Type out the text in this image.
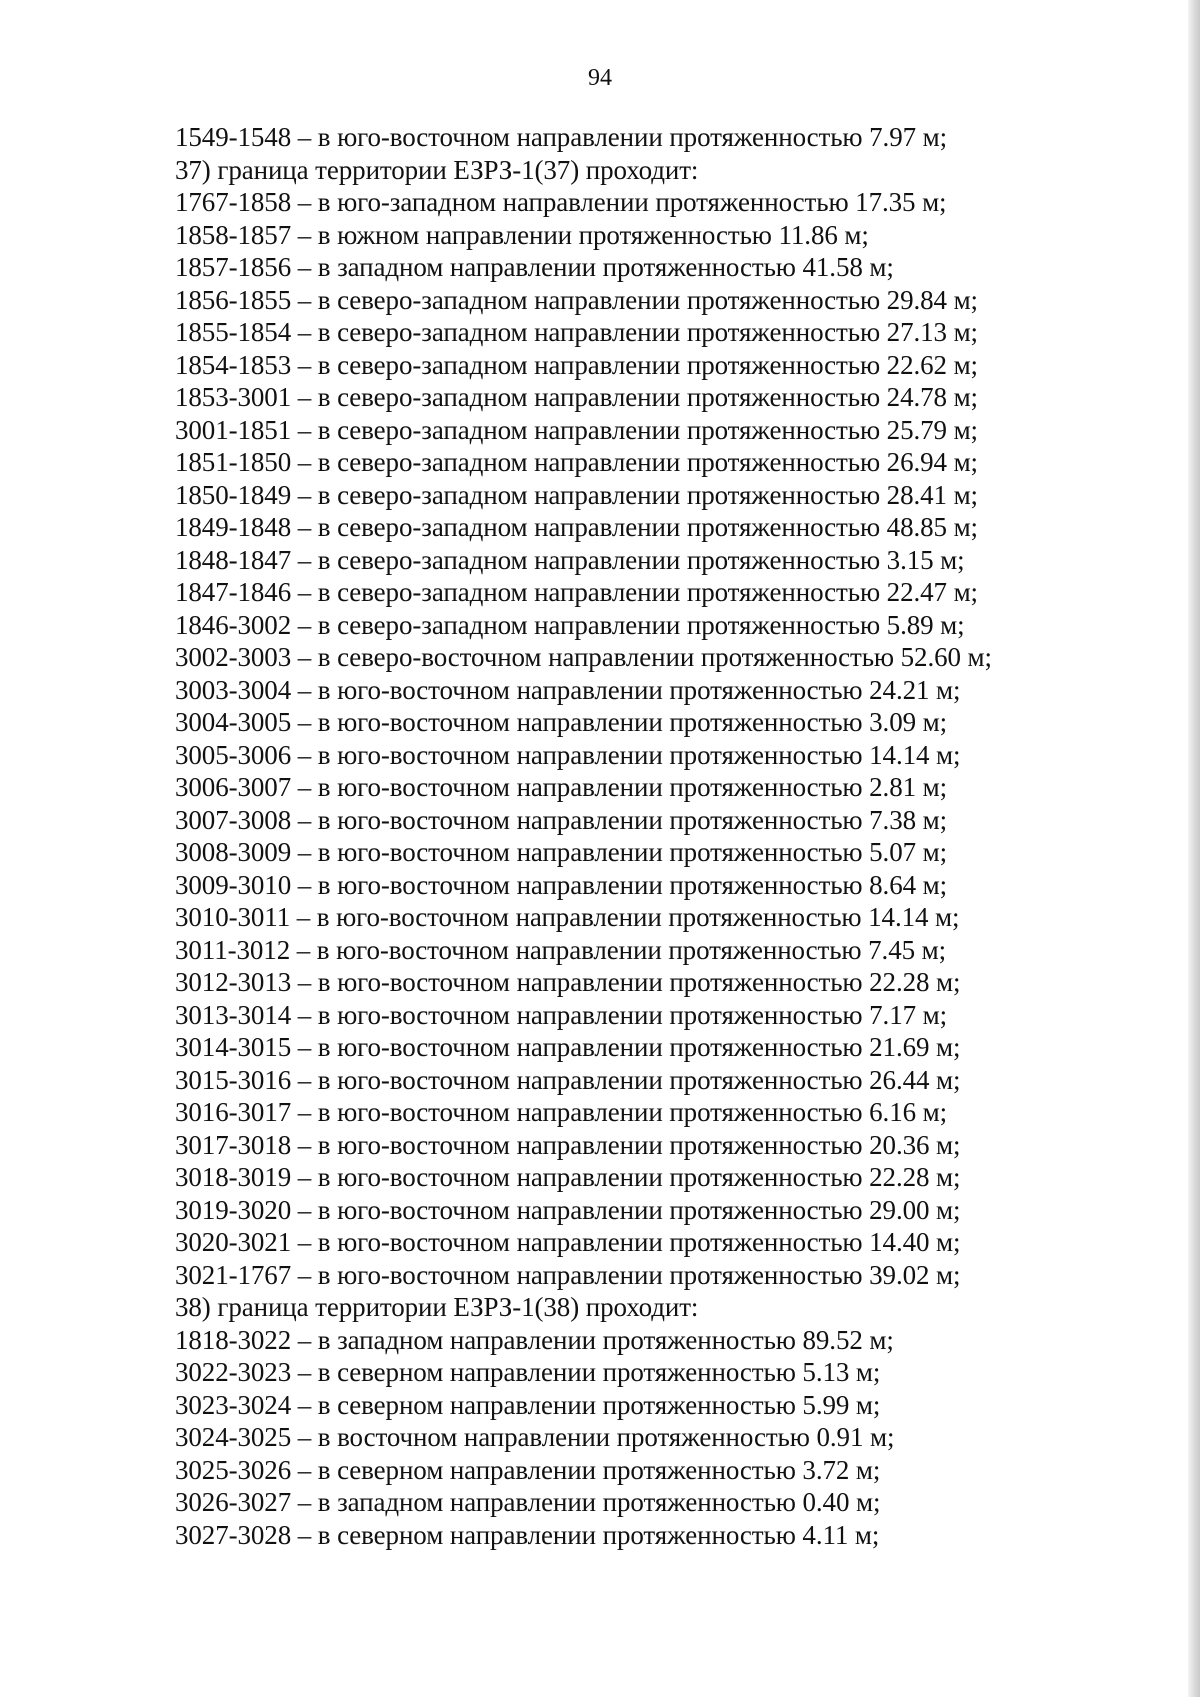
94
1549-1548 – в юго-восточном направлении протяженностью 7.97 м;
37) граница территории ЕЗРЗ-1(37) проходит:
1767-1858 – в юго-западном направлении протяженностью 17.35 м;
1858-1857 – в южном направлении протяженностью 11.86 м;
1857-1856 – в западном направлении протяженностью 41.58 м;
1856-1855 – в северо-западном направлении протяженностью 29.84 м;
1855-1854 – в северо-западном направлении протяженностью 27.13 м;
1854-1853 – в северо-западном направлении протяженностью 22.62 м;
1853-3001 – в северо-западном направлении протяженностью 24.78 м;
3001-1851 – в северо-западном направлении протяженностью 25.79 м;
1851-1850 – в северо-западном направлении протяженностью 26.94 м;
1850-1849 – в северо-западном направлении протяженностью 28.41 м;
1849-1848 – в северо-западном направлении протяженностью 48.85 м;
1848-1847 – в северо-западном направлении протяженностью 3.15 м;
1847-1846 – в северо-западном направлении протяженностью 22.47 м;
1846-3002 – в северо-западном направлении протяженностью 5.89 м;
3002-3003 – в северо-восточном направлении протяженностью 52.60 м;
3003-3004 – в юго-восточном направлении протяженностью 24.21 м;
3004-3005 – в юго-восточном направлении протяженностью 3.09 м;
3005-3006 – в юго-восточном направлении протяженностью 14.14 м;
3006-3007 – в юго-восточном направлении протяженностью 2.81 м;
3007-3008 – в юго-восточном направлении протяженностью 7.38 м;
3008-3009 – в юго-восточном направлении протяженностью 5.07 м;
3009-3010 – в юго-восточном направлении протяженностью 8.64 м;
3010-3011 – в юго-восточном направлении протяженностью 14.14 м;
3011-3012 – в юго-восточном направлении протяженностью 7.45 м;
3012-3013 – в юго-восточном направлении протяженностью 22.28 м;
3013-3014 – в юго-восточном направлении протяженностью 7.17 м;
3014-3015 – в юго-восточном направлении протяженностью 21.69 м;
3015-3016 – в юго-восточном направлении протяженностью 26.44 м;
3016-3017 – в юго-восточном направлении протяженностью 6.16 м;
3017-3018 – в юго-восточном направлении протяженностью 20.36 м;
3018-3019 – в юго-восточном направлении протяженностью 22.28 м;
3019-3020 – в юго-восточном направлении протяженностью 29.00 м;
3020-3021 – в юго-восточном направлении протяженностью 14.40 м;
3021-1767 – в юго-восточном направлении протяженностью 39.02 м;
38) граница территории ЕЗРЗ-1(38) проходит:
1818-3022 – в западном направлении протяженностью 89.52 м;
3022-3023 – в северном направлении протяженностью 5.13 м;
3023-3024 – в северном направлении протяженностью 5.99 м;
3024-3025 – в восточном направлении протяженностью 0.91 м;
3025-3026 – в северном направлении протяженностью 3.72 м;
3026-3027 – в западном направлении протяженностью 0.40 м;
3027-3028 – в северном направлении протяженностью 4.11 м;
